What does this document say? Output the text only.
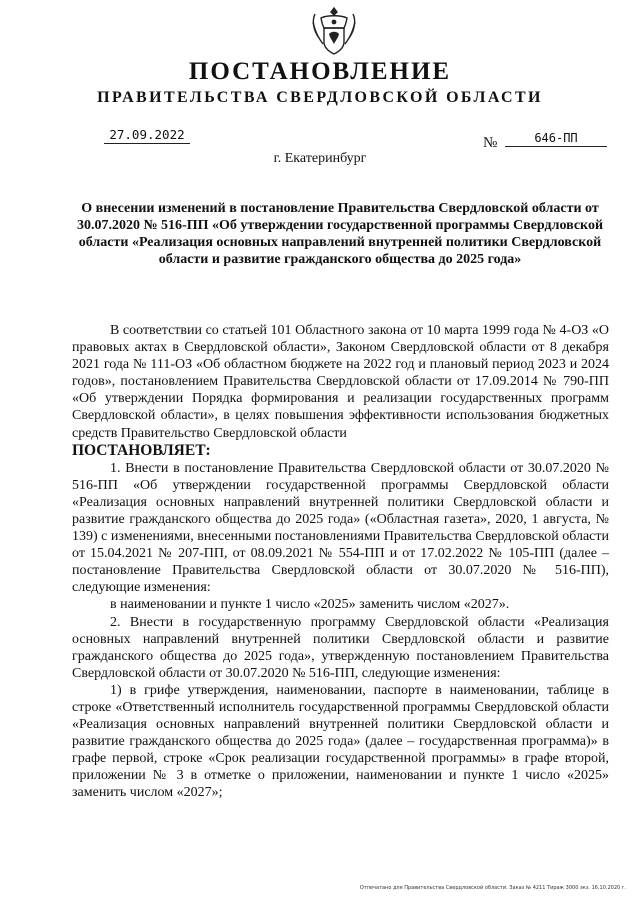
ПОСТАНОВЛЕНИЕ
ПРАВИТЕЛЬСТВА СВЕРДЛОВСКОЙ ОБЛАСТИ
27.09.2022
№	646-ПП
г. Екатеринбург
О внесении изменений в постановление Правительства Свердловской области от 30.07.2020 № 516-ПП «Об утверждении государственной программы Свердловской области «Реализация основных направлений внутренней политики Свердловской области и развитие гражданского общества до 2025 года»

В соответствии со статьей 101 Областного закона от 10 марта 1999 года № 4-ОЗ «О правовых актах в Свердловской области», Законом Свердловской области от 8 декабря 2021 года № 111-ОЗ «Об областном бюджете на 2022 год и плановый период 2023 и 2024 годов», постановлением Правительства Свердловской области от 17.09.2014 № 790-ПП «Об утверждении Порядка формирования и реализации государственных программ Свердловской области», в целях повышения эффективности использования бюджетных средств Правительство Свердловской области

ПОСТАНОВЛЯЕТ:

1. Внести в постановление Правительства Свердловской области от 30.07.2020 № 516-ПП «Об утверждении государственной программы Свердловской области «Реализация основных направлений внутренней политики Свердловской области и развитие гражданского общества до 2025 года» («Областная газета», 2020, 1 августа, № 139) с изменениями, внесенными постановлениями Правительства Свердловской области от 15.04.2021 № 207-ПП, от 08.09.2021 № 554-ПП и от 17.02.2022 № 105-ПП (далее – постановление Правительства Свердловской области от 30.07.2020 № 516-ПП), следующие изменения:

в наименовании и пункте 1 число «2025» заменить числом «2027».

2. Внести в государственную программу Свердловской области «Реализация основных направлений внутренней политики Свердловской области и развитие гражданского общества до 2025 года», утвержденную постановлением Правительства Свердловской области от 30.07.2020 № 516-ПП, следующие изменения:

1) в грифе утверждения, наименовании, паспорте в наименовании, таблице в строке «Ответственный исполнитель государственной программы Свердловской области «Реализация основных направлений внутренней политики Свердловской области и развитие гражданского общества до 2025 года» (далее – государственная программа)» в графе первой, строке «Срок реализации государственной программы» в графе второй, приложении № 3 в отметке о приложении, наименовании и пункте 1 число «2025» заменить числом «2027»;

Отпечатано для Правительства Свердловской области. Заказ № 4211 Тираж 3000 экз. 16.10.2020 г.
